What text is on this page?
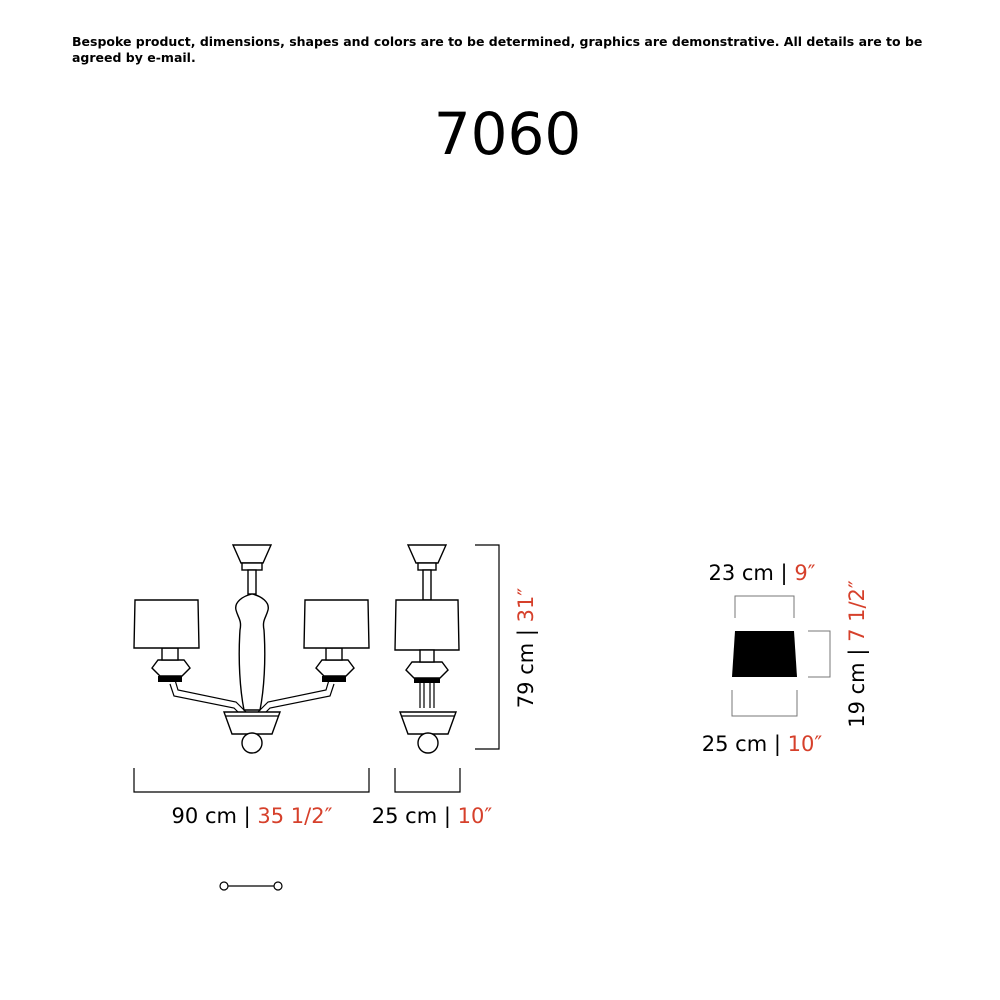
Bespoke product, dimensions, shapes and colors are to be determined, graphics are demonstrative. All details are to be agreed by e-mail.
7060
90 cm | 35 1/2″ 25 cm | 10″
79 cm | 31″
23 cm | 9″
25 cm | 10″
19 cm | 7 1/2″
